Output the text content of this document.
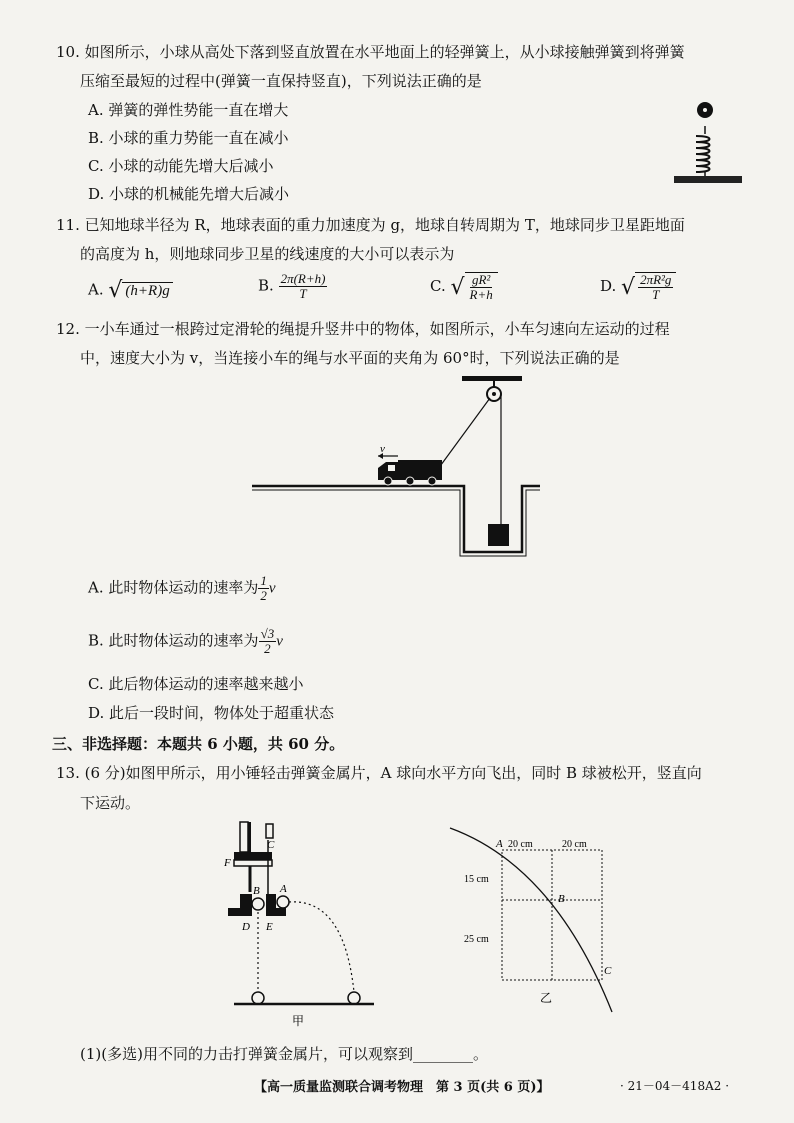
10. 如图所示，小球从高处下落到竖直放置在水平地面上的轻弹簧上，从小球接触弹簧到将弹簧
压缩至最短的过程中(弹簧一直保持竖直)，下列说法正确的是
A. 弹簧的弹性势能一直在增大
B. 小球的重力势能一直在减小
C. 小球的动能先增大后减小
D. 小球的机械能先增大后减小
11. 已知地球半径为 R，地球表面的重力加速度为 g，地球自转周期为 T，地球同步卫星距地面
的高度为 h，则地球同步卫星的线速度的大小可以表示为
A. √ (h+R)g	B. $\frac{2\pi(R+h)}{T}$	C. √ $\frac{\text{gR²}}{R+h}$	D. √ $\frac{\text{2πR²g}}{T}$
12. 一小车通过一根跨过定滑轮的绳提升竖井中的物体，如图所示，小车匀速向左运动的过程
中，速度大小为 v，当连接小车的绳与水平面的夹角为 60°时，下列说法正确的是
v
A. 此时物体运动的速率为 $\frac{1}{2}$ v
B. 此时物体运动的速率为 $\frac{√3}{2}$ v
C. 此后物体运动的速率越来越小
D. 此后一段时间，物体处于超重状态
三、非选择题：本题共 6 小题，共 60 分。
13. (6 分)如图甲所示，用小锤轻击弹簧金属片，A 球向水平方向飞出，同时 B 球被松开，竖直向
下运动。
C
F
B A
D E
甲
A 20 cm	20 cm
15 cm
25 cm
B
C
乙
(1)(多选)用不同的力击打弹簧金属片，可以观察到________。
【高一质量监测联合调考物理　第 3 页(共 6 页)】	· 21－04－418A2 ·
